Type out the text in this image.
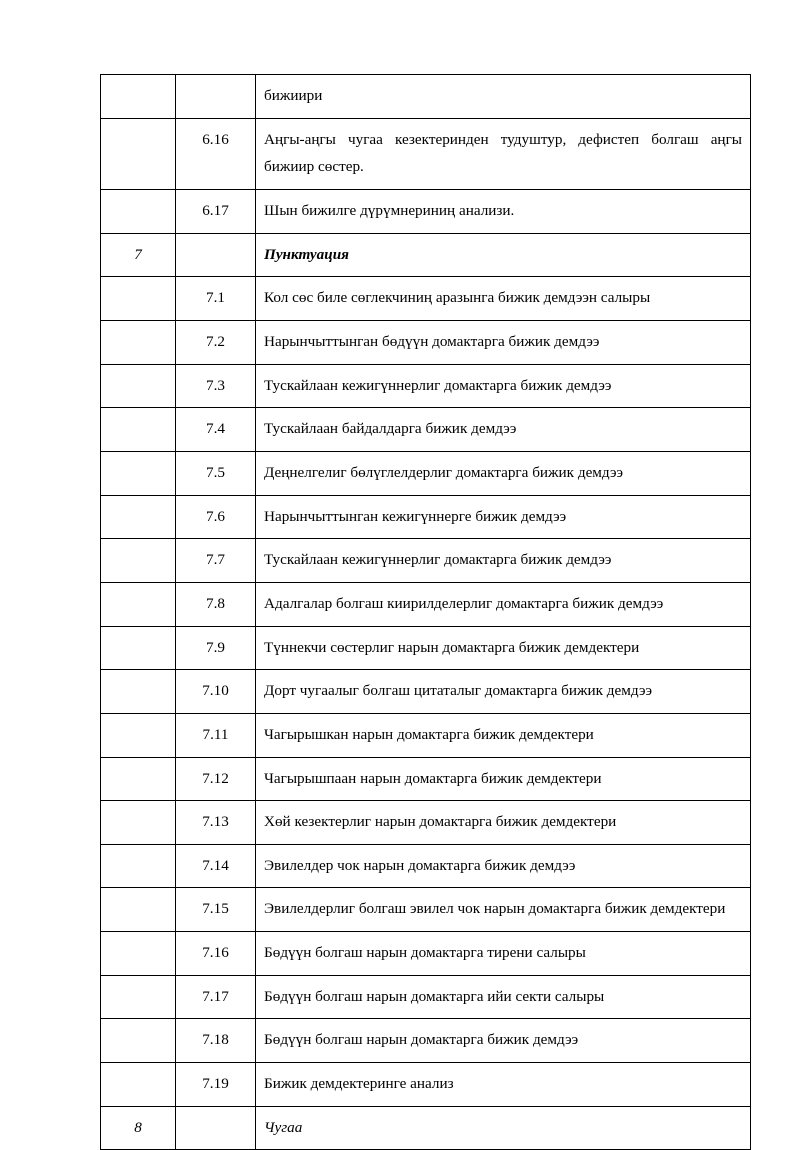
		бижиири
	6.16	Аңгы-аңгы чугаа кезектеринден тудуштур, дефистеп болгаш аңгы бижиир сөстер.
	6.17	Шын бижилге дүрүмнериниң анализи.
7		Пунктуация
	7.1	Кол сөс биле сөглекчиниң аразынга бижик демдээн салыры
	7.2	Нарынчыттынган бөдүүн домактарга бижик демдээ
	7.3	Тускайлаан кежигүннерлиг домактарга бижик демдээ
	7.4	Тускайлаан байдалдарга бижик демдээ
	7.5	Деңнелгелиг бөлүглелдерлиг домактарга бижик демдээ
	7.6	Нарынчыттынган кежигүннерге бижик демдээ
	7.7	Тускайлаан кежигүннерлиг домактарга бижик демдээ
	7.8	Адалгалар болгаш киирилделерлиг домактарга бижик демдээ
	7.9	Түннекчи сөстерлиг нарын домактарга бижик демдектери
	7.10	Дорт чугаалыг болгаш цитаталыг домактарга бижик демдээ
	7.11	Чагырышкан нарын домактарга бижик демдектери
	7.12	Чагырышпаан нарын домактарга бижик демдектери
	7.13	Хөй кезектерлиг нарын домактарга бижик демдектери
	7.14	Эвилелдер чок нарын домактарга бижик демдээ
	7.15	Эвилелдерлиг болгаш эвилел чок нарын домактарга бижик демдектери
	7.16	Бөдүүн болгаш нарын домактарга тирени салыры
	7.17	Бөдүүн болгаш нарын домактарга ийи секти салыры
	7.18	Бөдүүн болгаш нарын домактарга бижик демдээ
	7.19	Бижик демдектеринге анализ
8		Чугаа
